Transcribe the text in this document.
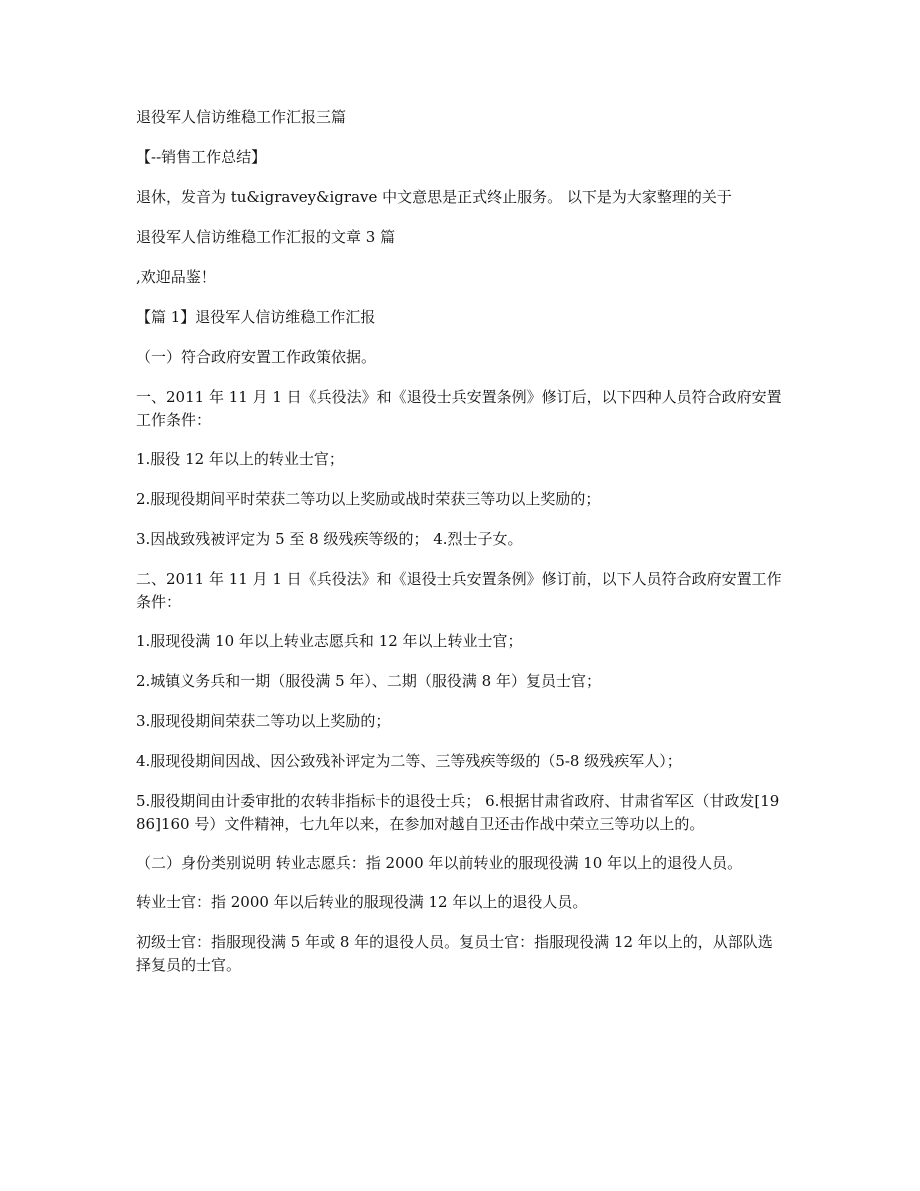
退役军人信访维稳工作汇报三篇

【--销售工作总结】

退休，发音为 tu&igravey&igrave 中文意思是正式终止服务。 以下是为大家整理的关于

退役军人信访维稳工作汇报的文章 3 篇

,欢迎品鉴！

【篇 1】退役军人信访维稳工作汇报

（一）符合政府安置工作政策依据。

一、2011 年 11 月 1 日《兵役法》和《退役士兵安置条例》修订后，以下四种人员符合政府安置工作条件：

1.服役 12 年以上的转业士官；

2.服现役期间平时荣获二等功以上奖励或战时荣获三等功以上奖励的；

3.因战致残被评定为 5 至 8 级残疾等级的； 4.烈士子女。

二、2011 年 11 月 1 日《兵役法》和《退役士兵安置条例》修订前，以下人员符合政府安置工作条件：

1.服现役满 10 年以上转业志愿兵和 12 年以上转业士官；

2.城镇义务兵和一期（服役满 5 年）、二期（服役满 8 年）复员士官；

3.服现役期间荣获二等功以上奖励的；

4.服现役期间因战、因公致残补评定为二等、三等残疾等级的（5-8 级残疾军人）；

5.服役期间由计委审批的农转非指标卡的退役士兵； 6.根据甘肃省政府、甘肃省军区（甘政发[1986]160 号）文件精神，七九年以来，在参加对越自卫还击作战中荣立三等功以上的。

（二）身份类别说明 转业志愿兵：指 2000 年以前转业的服现役满 10 年以上的退役人员。

转业士官：指 2000 年以后转业的服现役满 12 年以上的退役人员。

初级士官：指服现役满 5 年或 8 年的退役人员。复员士官：指服现役满 12 年以上的，从部队选择复员的士官。
